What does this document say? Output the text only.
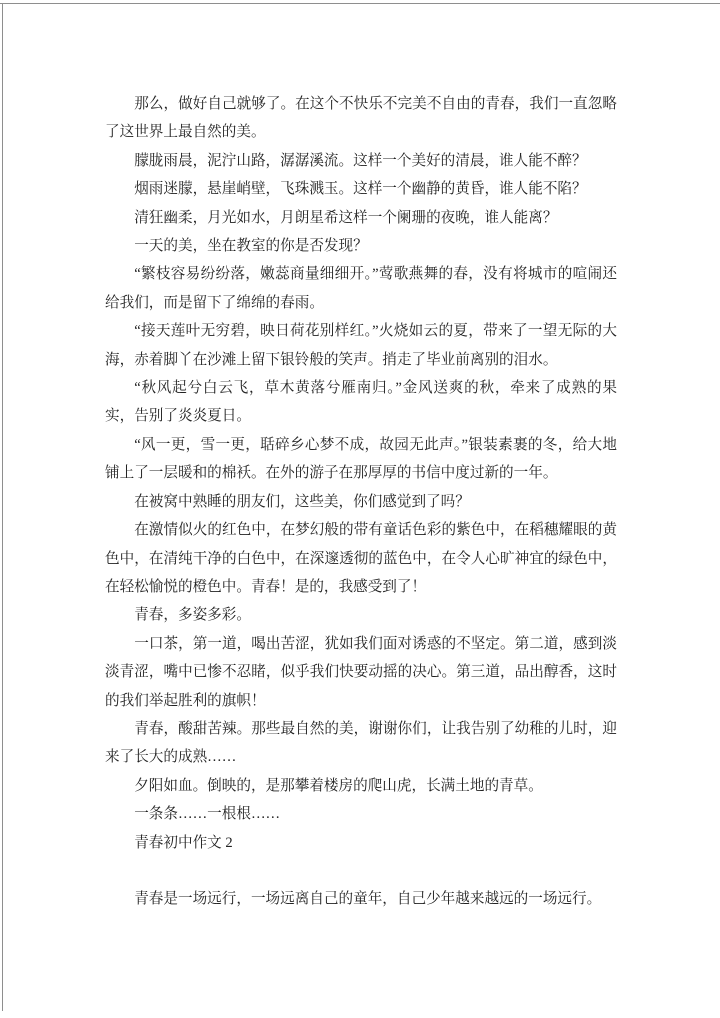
那么，做好自己就够了。在这个不快乐不完美不自由的青春，我们一直忽略了这世界上最自然的美。

朦胧雨晨，泥泞山路，潺潺溪流。这样一个美好的清晨，谁人能不醉？

烟雨迷朦，悬崖峭壁，飞珠溅玉。这样一个幽静的黄昏，谁人能不陷？

清狂幽柔，月光如水，月朗星希这样一个阑珊的夜晚，谁人能离？

一天的美，坐在教室的你是否发现？

“繁枝容易纷纷落，嫩蕊商量细细开。”莺歌燕舞的春，没有将城市的喧闹还给我们，而是留下了绵绵的春雨。

“接天莲叶无穷碧，映日荷花别样红。”火烧如云的夏，带来了一望无际的大海，赤着脚丫在沙滩上留下银铃般的笑声。捎走了毕业前离别的泪水。

“秋风起兮白云飞，草木黄落兮雁南归。”金风送爽的秋，牵来了成熟的果实，告别了炎炎夏日。

“风一更，雪一更，聒碎乡心梦不成，故园无此声。”银装素裹的冬，给大地铺上了一层暖和的棉袄。在外的游子在那厚厚的书信中度过新的一年。

在被窝中熟睡的朋友们，这些美，你们感觉到了吗？

在激情似火的红色中，在梦幻般的带有童话色彩的紫色中，在稻穗耀眼的黄色中，在清纯干净的白色中，在深邃透彻的蓝色中，在令人心旷神宜的绿色中，在轻松愉悦的橙色中。青春！是的，我感受到了！

青春，多姿多彩。

一口茶，第一道，喝出苦涩，犹如我们面对诱惑的不坚定。第二道，感到淡淡青涩，嘴中已惨不忍睹，似乎我们快要动摇的决心。第三道，品出醇香，这时的我们举起胜利的旗帜！

青春，酸甜苦辣。那些最自然的美，谢谢你们，让我告别了幼稚的儿时，迎来了长大的成熟……

夕阳如血。倒映的，是那攀着楼房的爬山虎，长满土地的青草。

一条条……一根根……

青春初中作文 2

青春是一场远行，一场远离自己的童年，自己少年越来越远的一场远行。
